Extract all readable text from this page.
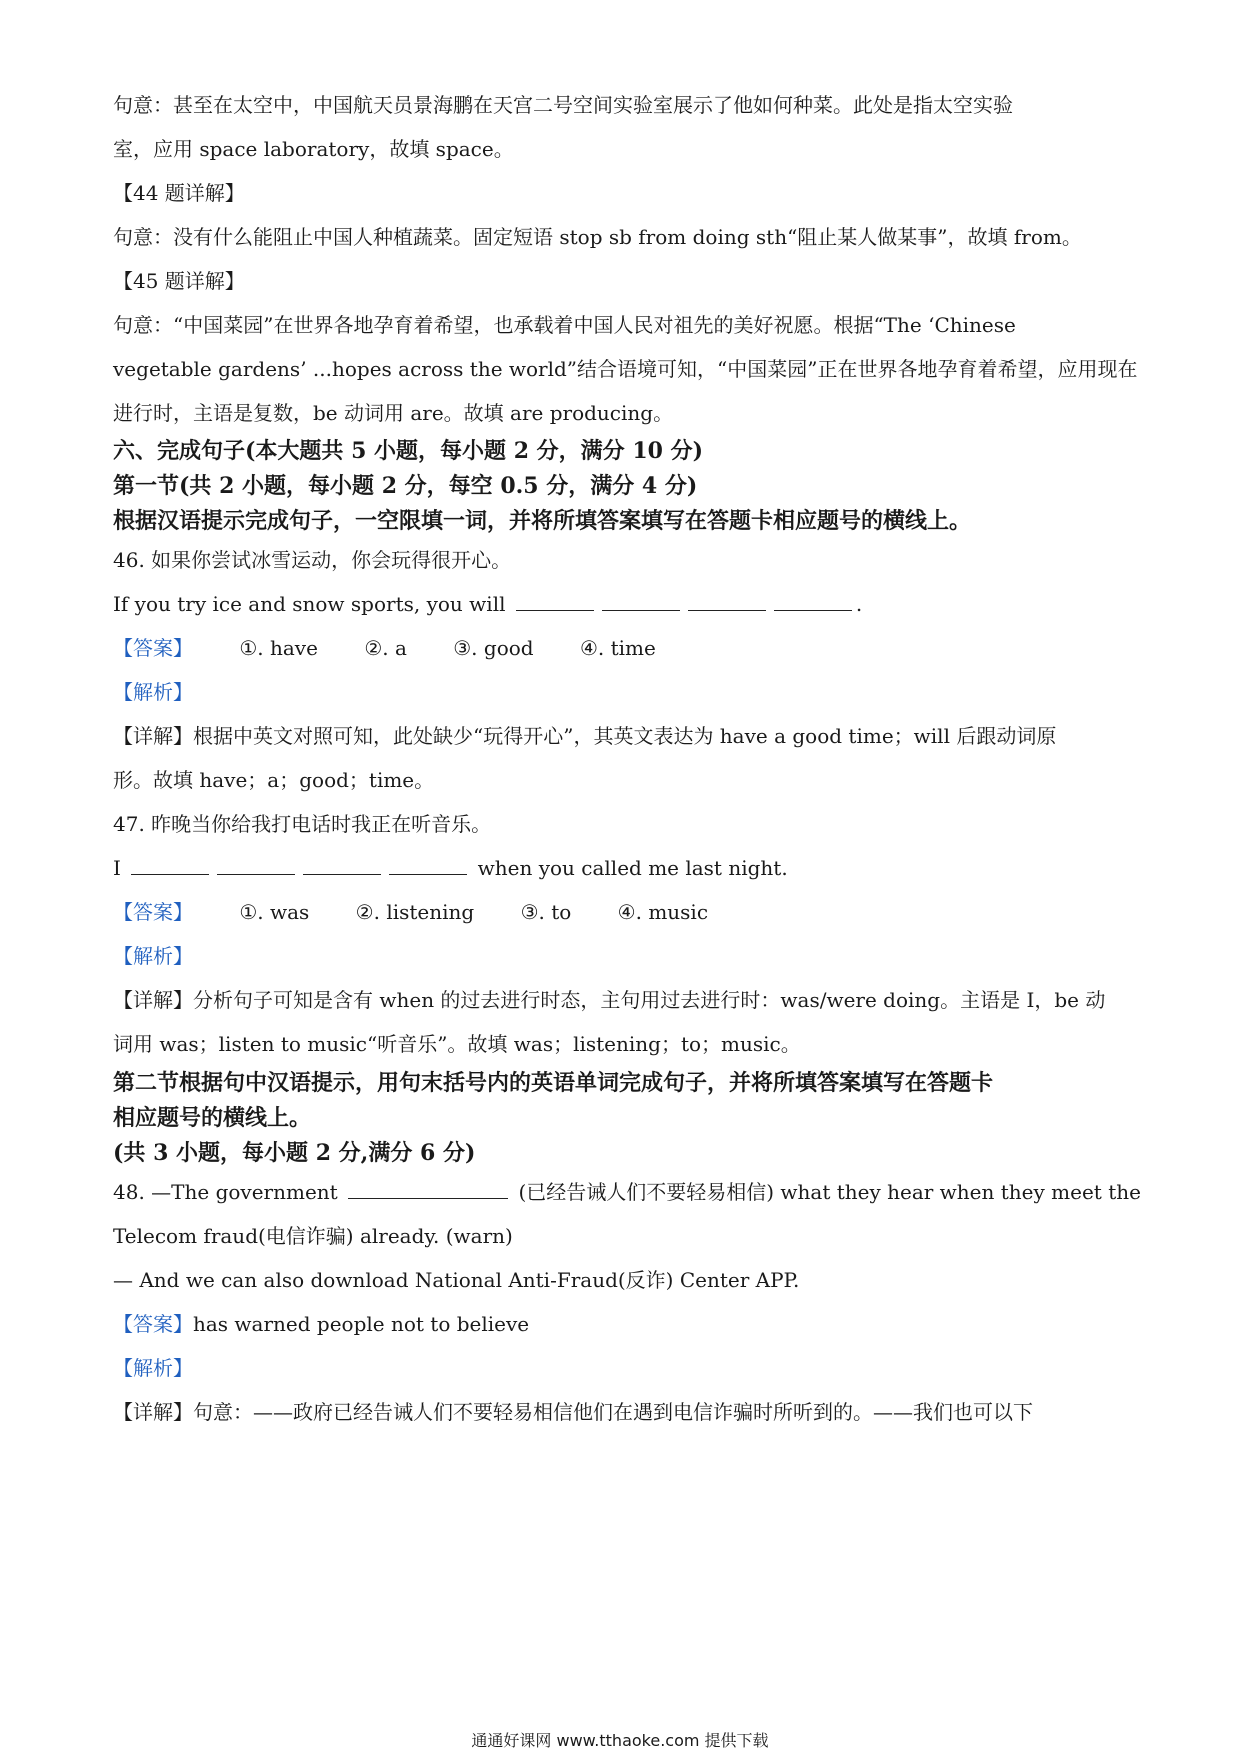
句意：甚至在太空中，中国航天员景海鹏在天宫二号空间实验室展示了他如何种菜。此处是指太空实验
室，应用 space laboratory，故填 space。
【44 题详解】
句意：没有什么能阻止中国人种植蔬菜。固定短语 stop sb from doing sth“阻止某人做某事”，故填 from。
【45 题详解】
句意：“中国菜园”在世界各地孕育着希望，也承载着中国人民对祖先的美好祝愿。根据“The ‘Chinese
vegetable gardens’ ...hopes across the world”结合语境可知，“中国菜园”正在世界各地孕育着希望，应用现在
进行时，主语是复数，be 动词用 are。故填 are producing。
六、完成句子(本大题共 5 小题，每小题 2 分，满分 10 分)
第一节(共 2 小题，每小题 2 分，每空 0.5 分，满分 4 分)
根据汉语提示完成句子，一空限填一词，并将所填答案填写在答题卡相应题号的横线上。
46. 如果你尝试冰雪运动，你会玩得很开心。
If you try ice and snow sports, you will	.
【答案】 ①. have ②. a ③. good ④. time
【解析】
【详解】根据中英文对照可知，此处缺少“玩得开心”，其英文表达为 have a good time；will 后跟动词原
形。故填 have；a；good；time。
47. 昨晚当你给我打电话时我正在听音乐。
I	when you called me last night.
【答案】 ①. was ②. listening ③. to ④. music
【解析】
【详解】分析句子可知是含有 when 的过去进行时态，主句用过去进行时：was/were doing。主语是 I，be 动
词用 was；listen to music“听音乐”。故填 was；listening；to；music。
第二节根据句中汉语提示，用句末括号内的英语单词完成句子，并将所填答案填写在答题卡
相应题号的横线上。
(共 3 小题，每小题 2 分,满分 6 分)
48. —The government	(已经告诫人们不要轻易相信) what they hear when they meet the
Telecom fraud(电信诈骗) already. (warn)
— And we can also download National Anti-Fraud(反诈) Center APP.
【答案】has warned people not to believe
【解析】
【详解】句意：——政府已经告诫人们不要轻易相信他们在遇到电信诈骗时所听到的。——我们也可以下
通通好课网 www.tthaoke.com 提供下载
